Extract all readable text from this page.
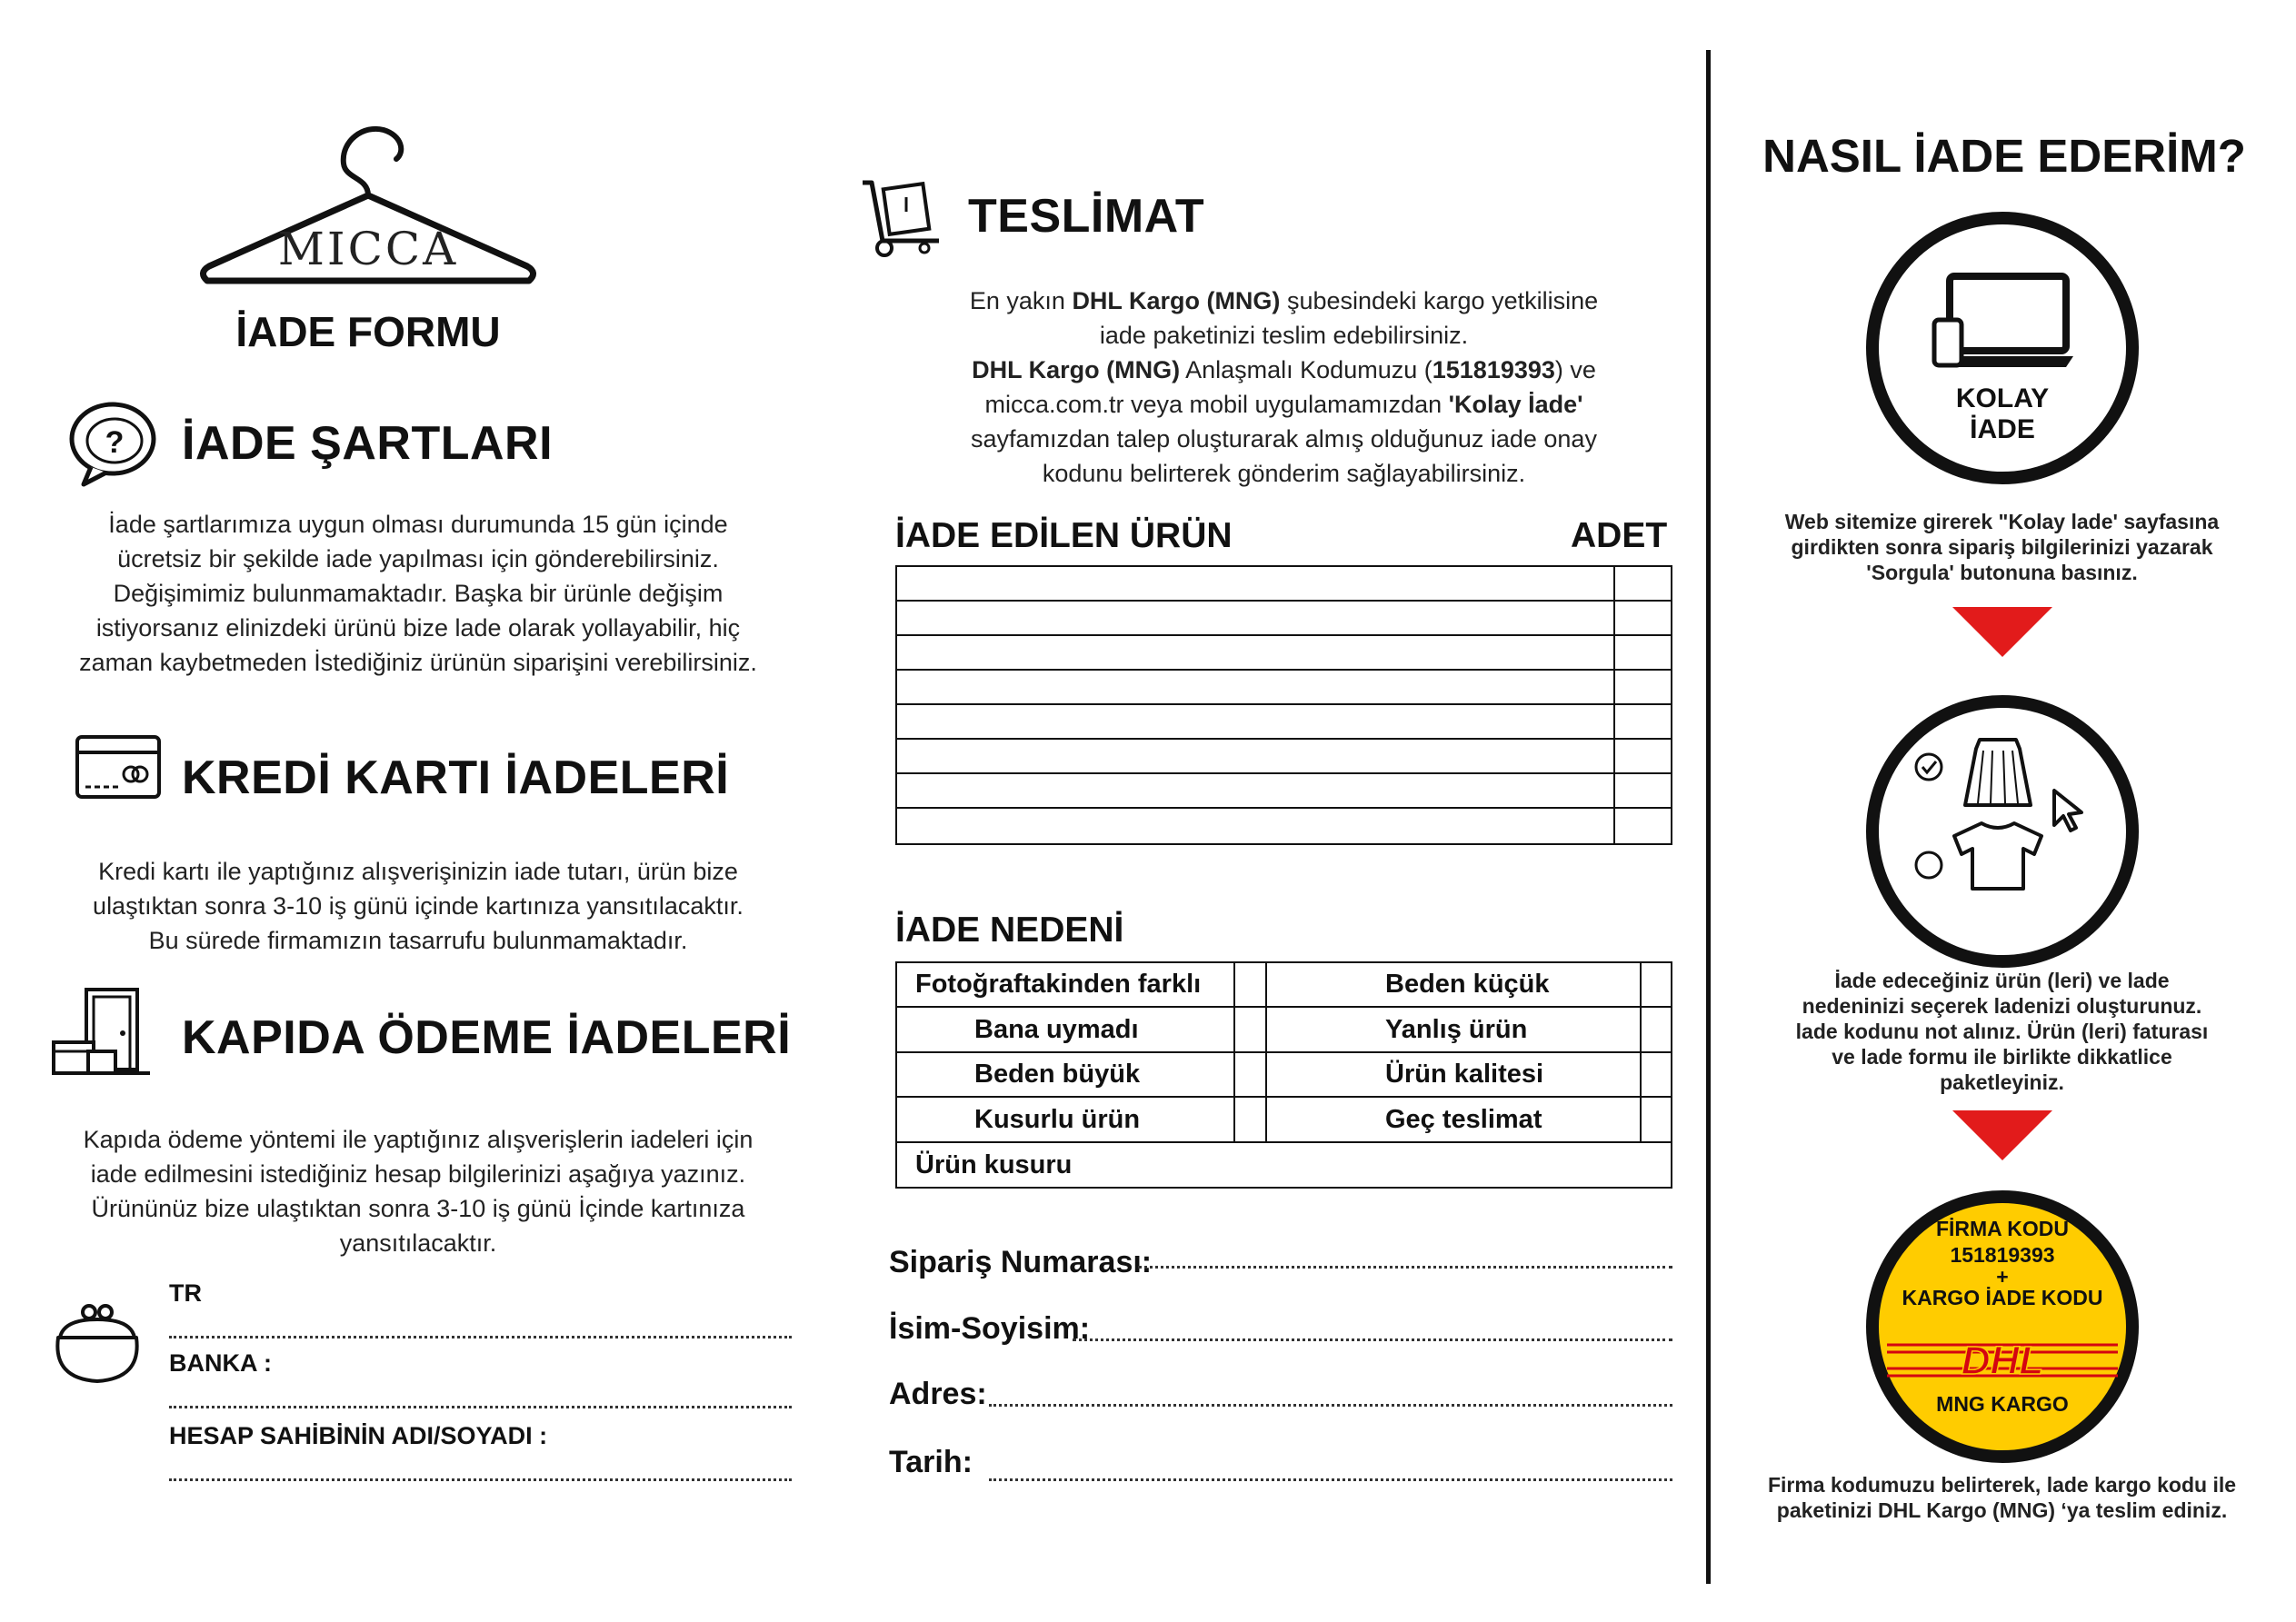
MICCA
İADE FORMU
? İADE ŞARTLARI
İade şartlarımıza uygun olması durumunda 15 gün içinde
ücretsiz bir şekilde iade yapılması için gönderebilirsiniz.
Değişimimiz bulunmamaktadır. Başka bir ürünle değişim
istiyorsanız elinizdeki ürünü bize lade olarak yollayabilir, hiç
zaman kaybetmeden İstediğiniz ürünün siparişini verebilirsiniz.
KREDİ KARTI İADELERİ
Kredi kartı ile yaptığınız alışverişinizin iade tutarı, ürün bize
ulaştıktan sonra 3-10 iş günü içinde kartınıza yansıtılacaktır.
Bu sürede firmamızın tasarrufu bulunmamaktadır.
KAPIDA ÖDEME İADELERİ
Kapıda ödeme yöntemi ile yaptığınız alışverişlerin iadeleri için
iade edilmesini istediğiniz hesap bilgilerinizi aşağıya yazınız.
Ürününüz bize ulaştıktan sonra 3-10 iş günü İçinde kartınıza
yansıtılacaktır.
TR
BANKA :
HESAP SAHİBİNİN ADI/SOYADI :
TESLİMAT
En yakın DHL Kargo (MNG) şubesindeki kargo yetkilisine
iade paketinizi teslim edebilirsiniz.
DHL Kargo (MNG) Anlaşmalı Kodumuzu (151819393) ve
micca.com.tr veya mobil uygulamamızdan 'Kolay İade'
sayfamızdan talep oluşturarak almış olduğunuz iade onay
kodunu belirterek gönderim sağlayabilirsiniz.
İADE EDİLEN ÜRÜN	ADET
İADE NEDENİ
Fotoğraftakinden farklı
Bana uymadı
Beden büyük
Kusurlu ürün
Beden küçük
Yanlış ürün
Ürün kalitesi
Geç teslimat
Ürün kusuru
Sipariş Numarası:
İsim-Soyisim:
Adres:
Tarih:
NASIL İADE EDERİM?
KOLAY
İADE
Web sitemize girerek "Kolay lade' sayfasına
girdikten sonra sipariş bilgilerinizi yazarak
'Sorgula' butonuna basınız.
İade edeceğiniz ürün (leri) ve lade
nedeninizi seçerek ladenizi oluşturunuz.
lade kodunu not alınız. Ürün (leri) faturası
ve lade formu ile birlikte dikkatlice
paketleyiniz.
FİRMA KODU
151819393
+
KARGO İADE KODU
DHL
MNG KARGO
Firma kodumuzu belirterek, lade kargo kodu ile
paketinizi DHL Kargo (MNG) ‘ya teslim ediniz.
